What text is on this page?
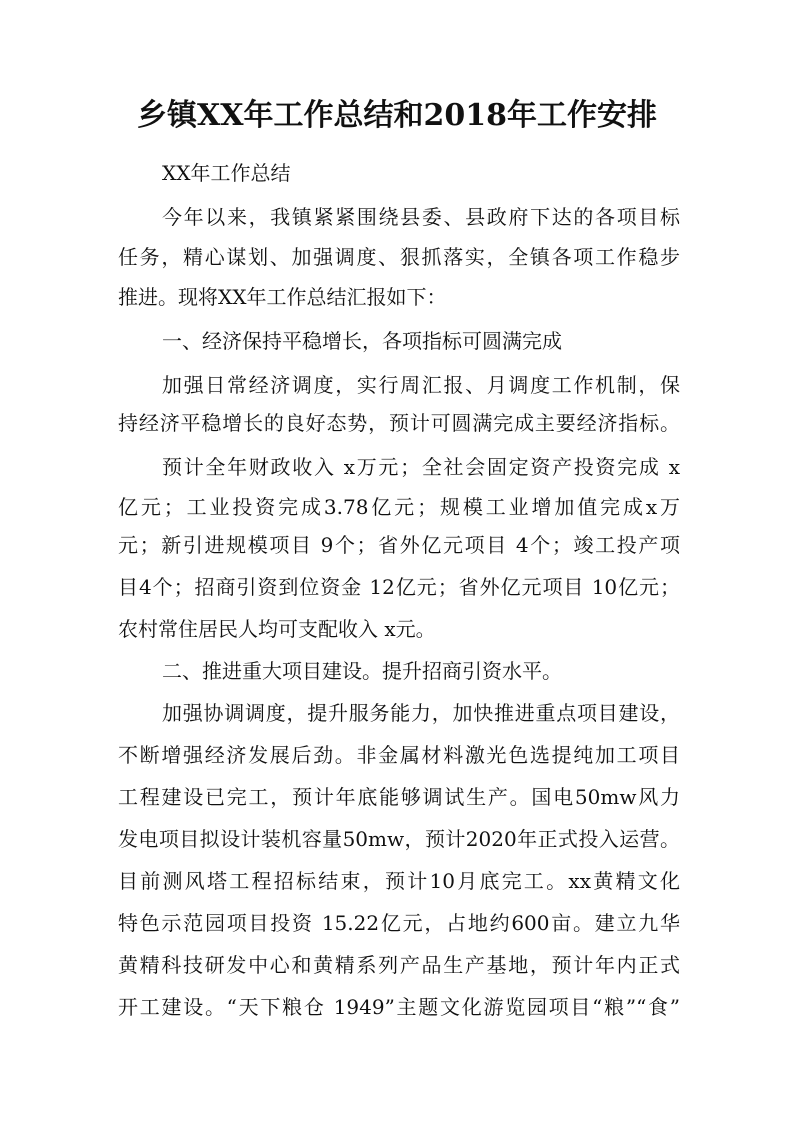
乡镇XX年工作总结和2018年工作安排
XX年工作总结
今年以来，我镇紧紧围绕县委、县政府下达的各项目标
任务，精心谋划、加强调度、狠抓落实，全镇各项工作稳步
推进。现将XX年工作总结汇报如下：
一、经济保持平稳增长，各项指标可圆满完成
加强日常经济调度，实行周汇报、月调度工作机制，保
持经济平稳增长的良好态势，预计可圆满完成主要经济指标。
预计全年财政收入 x万元；全社会固定资产投资完成 x
亿元；工业投资完成3.78亿元；规模工业增加值完成x万
元；新引进规模项目 9个；省外亿元项目 4个；竣工投产项
目4个；招商引资到位资金 12亿元；省外亿元项目 10亿元；
农村常住居民人均可支配收入 x元。
二、推进重大项目建设。提升招商引资水平。
加强协调调度，提升服务能力，加快推进重点项目建设，
不断增强经济发展后劲。非金属材料激光色选提纯加工项目
工程建设已完工，预计年底能够调试生产。国电50mw风力
发电项目拟设计装机容量50mw，预计2020年正式投入运营。
目前测风塔工程招标结束，预计10月底完工。xx黄精文化
特色示范园项目投资 15.22亿元，占地约600亩。建立九华
黄精科技研发中心和黄精系列产品生产基地，预计年内正式
开工建设。“天下粮仓 1949”主题文化游览园项目“粮”“食”
